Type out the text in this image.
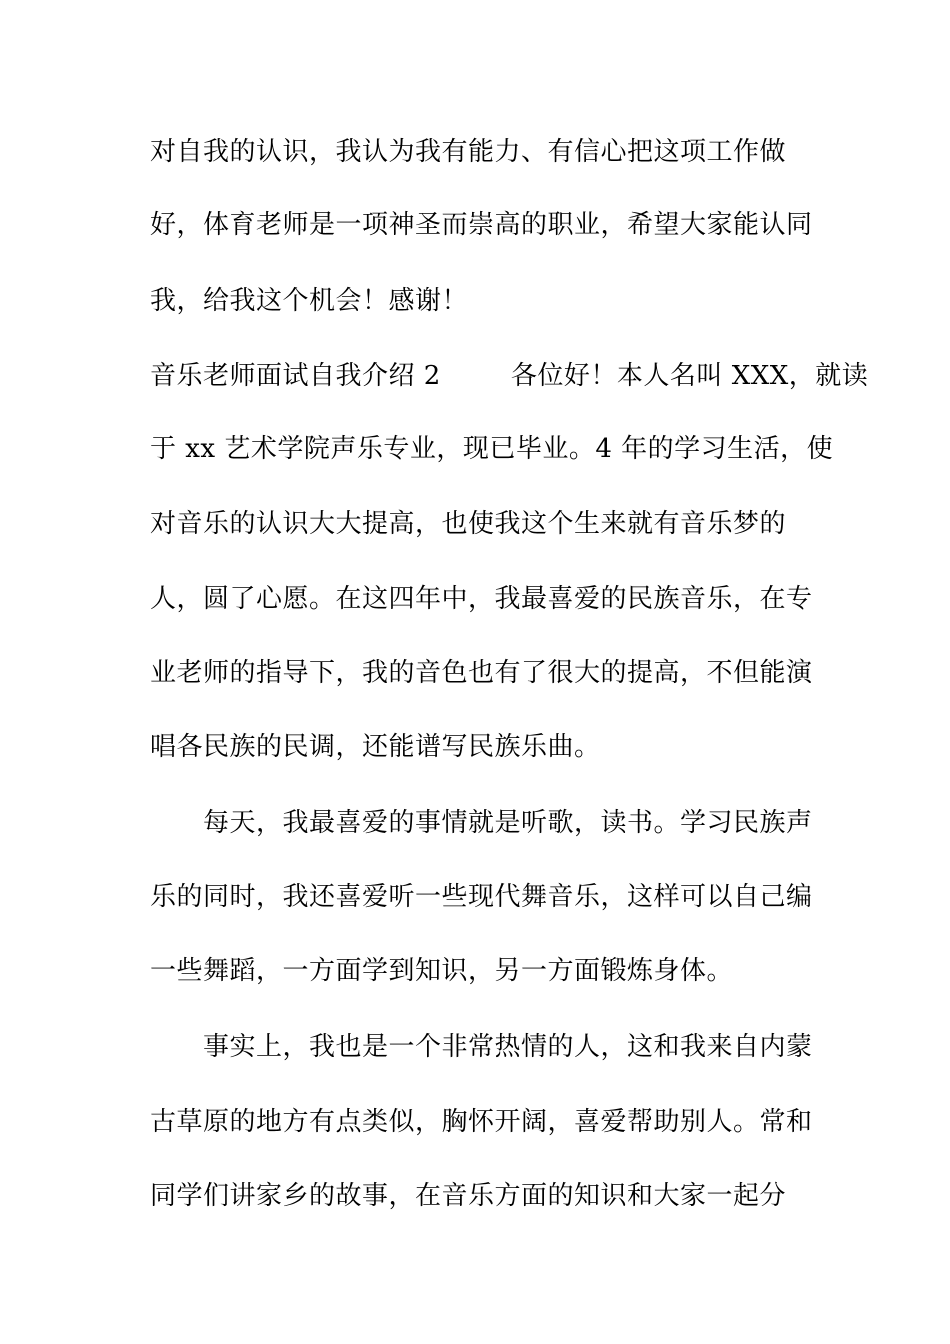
对自我的认识，我认为我有能力、有信心把这项工作做
好，体育老师是一项神圣而崇高的职业，希望大家能认同
我，给我这个机会！感谢！
音乐老师面试自我介绍 2        各位好！本人名叫 XXX，就读
于 xx 艺术学院声乐专业，现已毕业。4 年的学习生活，使
对音乐的认识大大提高，也使我这个生来就有音乐梦的
人，圆了心愿。在这四年中，我最喜爱的民族音乐，在专
业老师的指导下，我的音色也有了很大的提高，不但能演
唱各民族的民调，还能谱写民族乐曲。
每天，我最喜爱的事情就是听歌，读书。学习民族声
乐的同时，我还喜爱听一些现代舞音乐，这样可以自己编
一些舞蹈，一方面学到知识，另一方面锻炼身体。
事实上，我也是一个非常热情的人，这和我来自内蒙
古草原的地方有点类似，胸怀开阔，喜爱帮助别人。常和
同学们讲家乡的故事，在音乐方面的知识和大家一起分
